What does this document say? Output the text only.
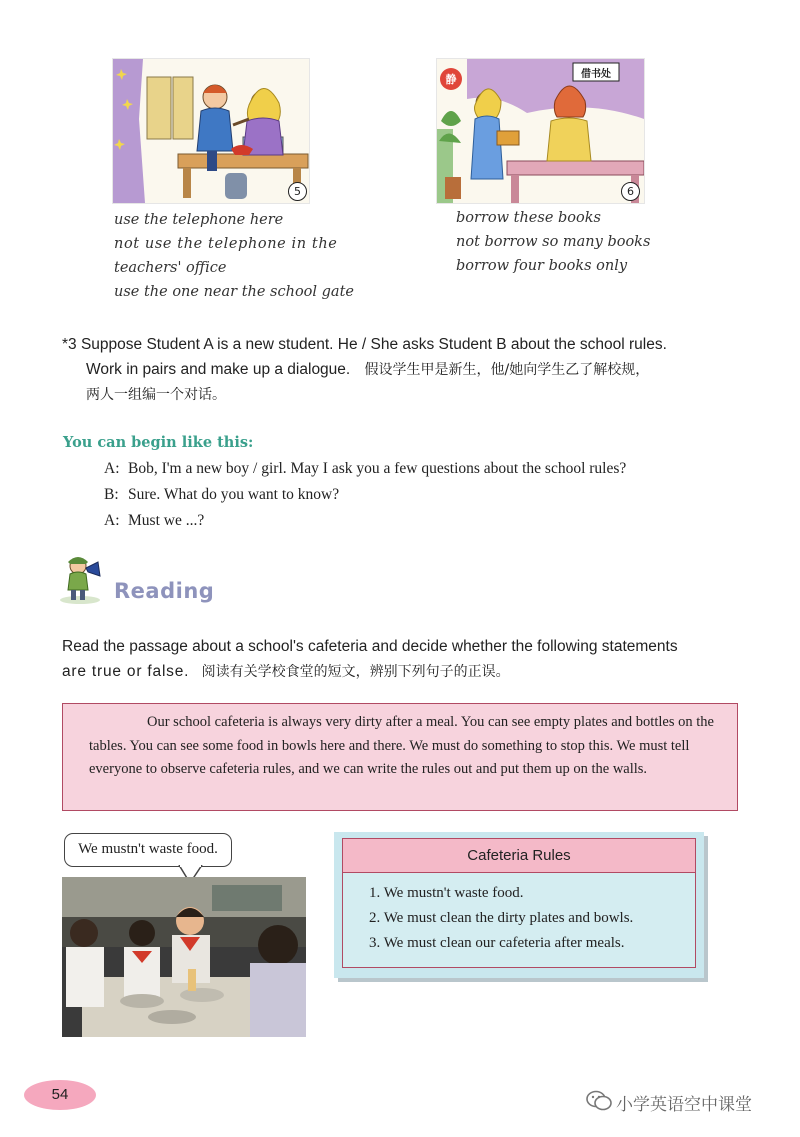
5
静	借书处
6
use the telephone here
not use the telephone in the
teachers' office
use the one near the school gate
borrow these books
not borrow so many books
borrow four books only
*3 Suppose Student A is a new student. He / She asks Student B about the school rules.
Work in pairs and make up a dialogue. 假设学生甲是新生，他/她向学生乙了解校规，
两人一组编一个对话。
You can begin like this:
A: Bob, I'm a new boy / girl. May I ask you a few questions about the school rules?
B: Sure. What do you want to know?
A: Must we ...?
Reading
Read the passage about a school's cafeteria and decide whether the following statements
are true or false. 阅读有关学校食堂的短文，辨别下列句子的正误。

Our school cafeteria is always very dirty after a meal. You can see empty plates and bottles on the tables. You can see some food in bowls here and there. We must do something to stop this. We must tell everyone to observe cafeteria rules, and we can write the rules out and put them up on the walls.

We mustn't waste food.	Cafeteria Rules
1. We mustn't waste food.
2. We must clean the dirty plates and bowls.
3. We must clean our cafeteria after meals.
54
小学英语空中课堂
